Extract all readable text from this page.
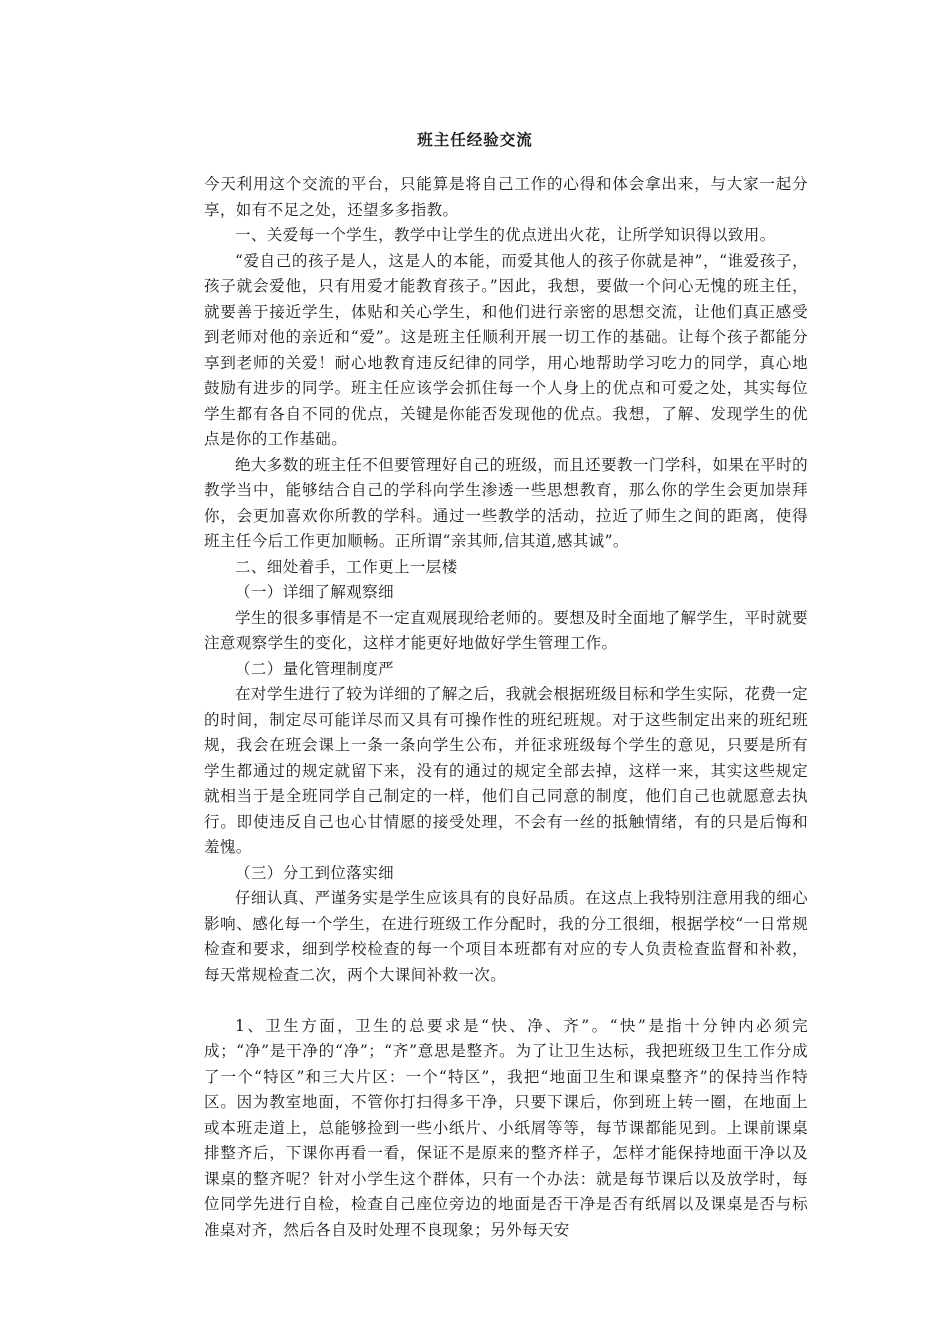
班主任经验交流

今天利用这个交流的平台，只能算是将自己工作的心得和体会拿出来，与大家一起分享，如有不足之处，还望多多指教。

一、关爱每一个学生，教学中让学生的优点迸出火花，让所学知识得以致用。

“爱自己的孩子是人，这是人的本能，而爱其他人的孩子你就是神”，“谁爱孩子，孩子就会爱他，只有用爱才能教育孩子。”因此，我想，要做一个问心无愧的班主任，就要善于接近学生，体贴和关心学生，和他们进行亲密的思想交流，让他们真正感受到老师对他的亲近和“爱”。这是班主任顺利开展一切工作的基础。让每个孩子都能分享到老师的关爱！耐心地教育违反纪律的同学，用心地帮助学习吃力的同学，真心地鼓励有进步的同学。班主任应该学会抓住每一个人身上的优点和可爱之处，其实每位学生都有各自不同的优点，关键是你能否发现他的优点。我想，了解、发现学生的优点是你的工作基础。

绝大多数的班主任不但要管理好自己的班级，而且还要教一门学科，如果在平时的教学当中，能够结合自己的学科向学生渗透一些思想教育，那么你的学生会更加崇拜你，会更加喜欢你所教的学科。通过一些教学的活动，拉近了师生之间的距离，使得班主任今后工作更加顺畅。正所谓“亲其师,信其道,感其诚”。

二、细处着手，工作更上一层楼

（一）详细了解观察细

学生的很多事情是不一定直观展现给老师的。要想及时全面地了解学生，平时就要注意观察学生的变化，这样才能更好地做好学生管理工作。

（二）量化管理制度严

在对学生进行了较为详细的了解之后，我就会根据班级目标和学生实际，花费一定的时间，制定尽可能详尽而又具有可操作性的班纪班规。对于这些制定出来的班纪班规，我会在班会课上一条一条向学生公布，并征求班级每个学生的意见，只要是所有学生都通过的规定就留下来，没有的通过的规定全部去掉，这样一来，其实这些规定就相当于是全班同学自己制定的一样，他们自己同意的制度，他们自己也就愿意去执行。即使违反自己也心甘情愿的接受处理，不会有一丝的抵触情绪，有的只是后悔和羞愧。

（三）分工到位落实细

仔细认真、严谨务实是学生应该具有的良好品质。在这点上我特别注意用我的细心影响、感化每一个学生，在进行班级工作分配时，我的分工很细，根据学校“一日常规检查和要求，细到学校检查的每一个项目本班都有对应的专人负责检查监督和补救，每天常规检查二次，两个大课间补救一次。

1、卫生方面，卫生的总要求是“快、净、齐”。“快”是指十分钟内必须完成；“净”是干净的“净”；“齐”意思是整齐。为了让卫生达标，我把班级卫生工作分成了一个“特区”和三大片区：一个“特区”，我把“地面卫生和课桌整齐”的保持当作特区。因为教室地面，不管你打扫得多干净，只要下课后，你到班上转一圈，在地面上或本班走道上，总能够捡到一些小纸片、小纸屑等等，每节课都能见到。上课前课桌排整齐后，下课你再看一看，保证不是原来的整齐样子，怎样才能保持地面干净以及课桌的整齐呢？针对小学生这个群体，只有一个办法：就是每节课后以及放学时，每位同学先进行自检，检查自己座位旁边的地面是否干净是否有纸屑以及课桌是否与标准桌对齐，然后各自及时处理不良现象；另外每天安
